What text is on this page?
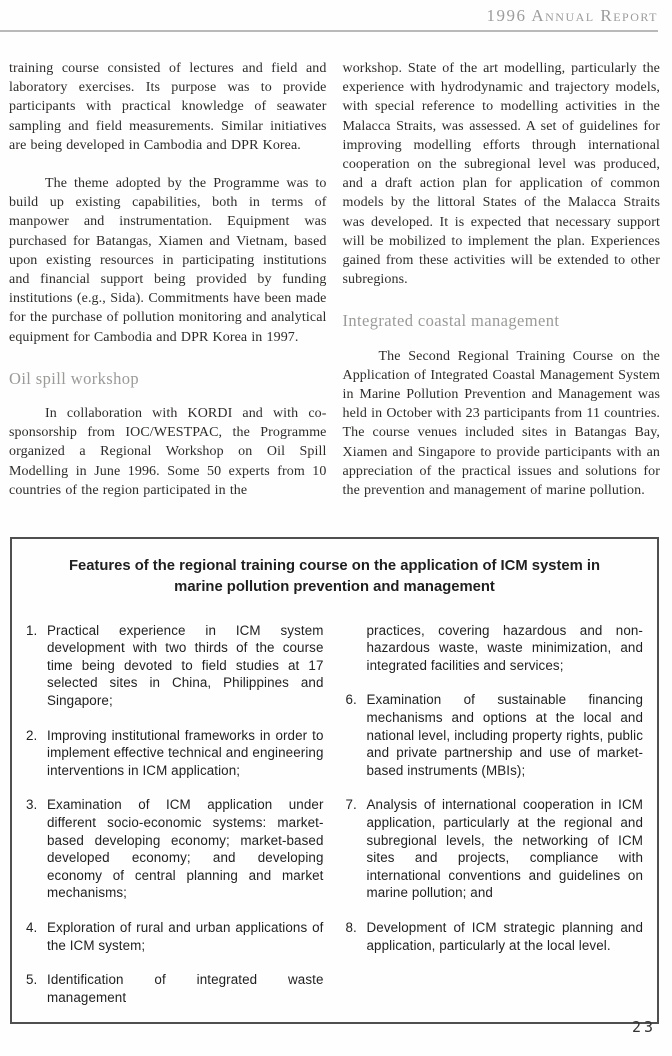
1996 Annual Report

training course consisted of lectures and field and laboratory exercises. Its purpose was to provide participants with practical knowledge of seawater sampling and field measurements. Similar initiatives are being developed in Cambodia and DPR Korea.

The theme adopted by the Programme was to build up existing capabilities, both in terms of manpower and instrumentation. Equipment was purchased for Batangas, Xiamen and Vietnam, based upon existing resources in participating institutions and financial support being provided by funding institutions (e.g., Sida). Commitments have been made for the purchase of pollution monitoring and analytical equipment for Cambodia and DPR Korea in 1997.

Oil spill workshop

In collaboration with KORDI and with co-sponsorship from IOC/WESTPAC, the Programme organized a Regional Workshop on Oil Spill Modelling in June 1996. Some 50 experts from 10 countries of the region participated in the

workshop. State of the art modelling, particularly the experience with hydrodynamic and trajectory models, with special reference to modelling activities in the Malacca Straits, was assessed. A set of guidelines for improving modelling efforts through international cooperation on the subregional level was produced, and a draft action plan for application of common models by the littoral States of the Malacca Straits was developed. It is expected that necessary support will be mobilized to implement the plan. Experiences gained from these activities will be extended to other subregions.

Integrated coastal management

The Second Regional Training Course on the Application of Integrated Coastal Management System in Marine Pollution Prevention and Management was held in October with 23 participants from 11 countries. The course venues included sites in Batangas Bay, Xiamen and Singapore to provide participants with an appreciation of the practical issues and solutions for the prevention and management of marine pollution.

Features of the regional training course on the application of ICM system in marine pollution prevention and management
1. Practical experience in ICM system development with two thirds of the course time being devoted to field studies at 17 selected sites in China, Philippines and Singapore;
2. Improving institutional frameworks in order to implement effective technical and engineering interventions in ICM application;
3. Examination of ICM application under different socio-economic systems: market-based developing economy; market-based developed economy; and developing economy of central planning and market mechanisms;
4. Exploration of rural and urban applications of the ICM system;
5. Identification of integrated waste management
practices, covering hazardous and non-hazardous waste, waste minimization, and integrated facilities and services;
6. Examination of sustainable financing mechanisms and options at the local and national level, including property rights, public and private partnership and use of market-based instruments (MBIs);
7. Analysis of international cooperation in ICM application, particularly at the regional and subregional levels, the networking of ICM sites and projects, compliance with international conventions and guidelines on marine pollution; and
8. Development of ICM strategic planning and application, particularly at the local level.
23
